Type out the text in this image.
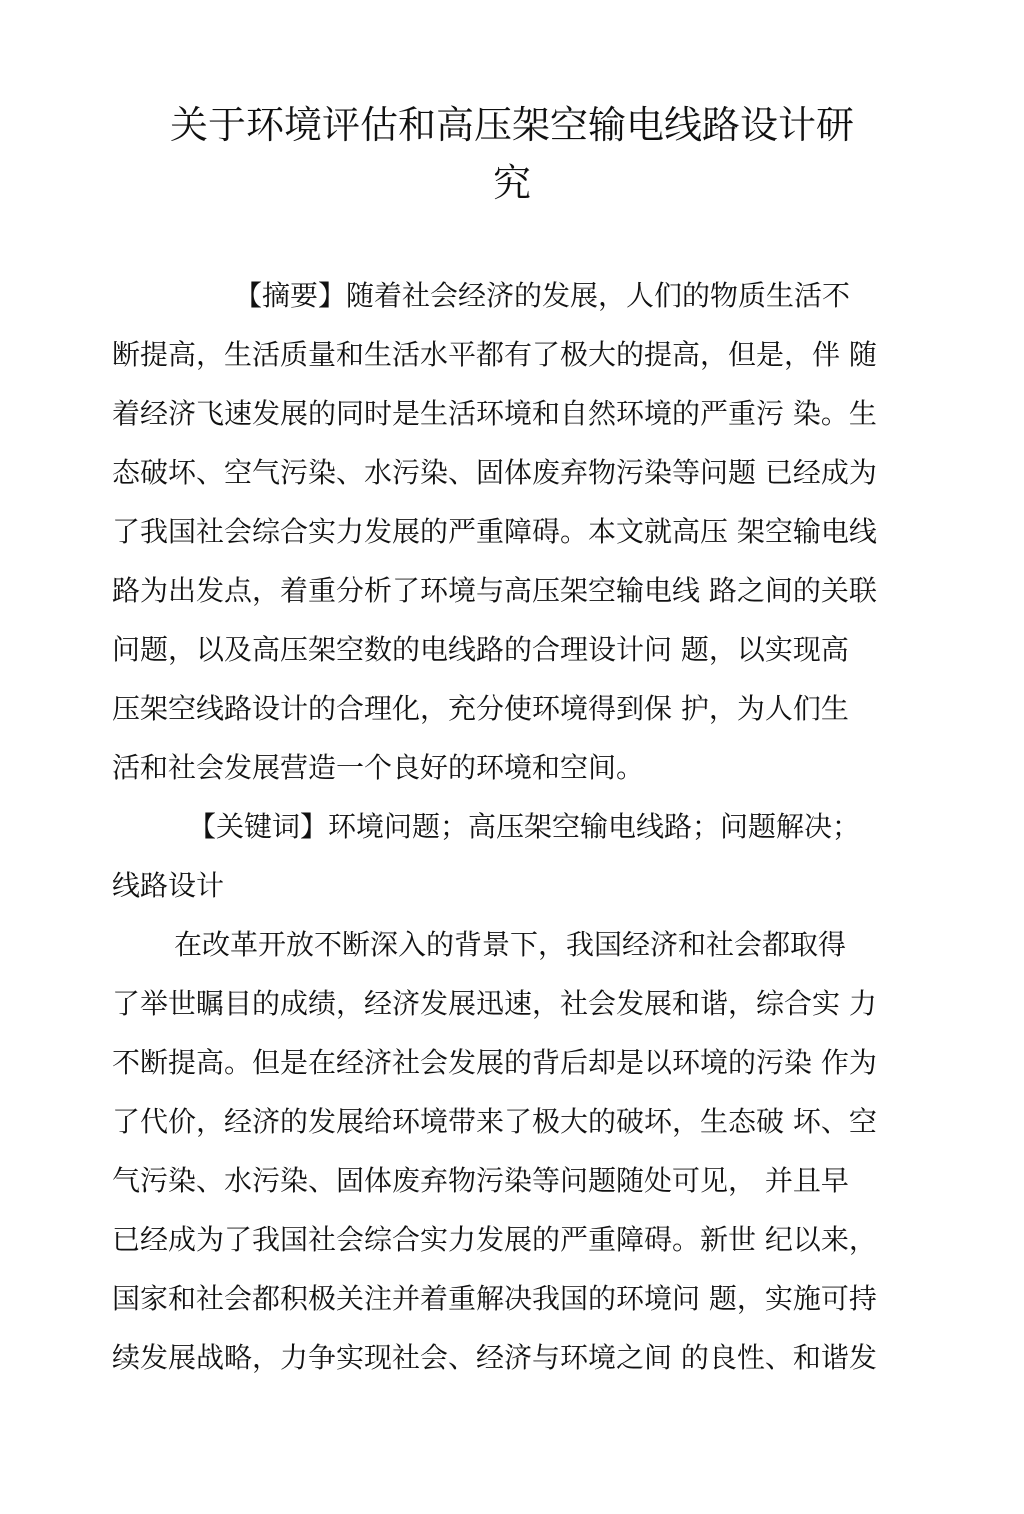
关于环境评估和高压架空输电线路设计研
究
【摘要】随着社会经济的发展，人们的物质生活不
断提高，生活质量和生活水平都有了极大的提高，但是，伴 随
着经济飞速发展的同时是生活环境和自然环境的严重污 染。生
态破坏、空气污染、水污染、固体废弃物污染等问题 已经成为
了我国社会综合实力发展的严重障碍。本文就高压 架空输电线
路为出发点，着重分析了环境与高压架空输电线 路之间的关联
问题，以及高压架空数的电线路的合理设计问 题，以实现高
压架空线路设计的合理化，充分使环境得到保 护，为人们生
活和社会发展营造一个良好的环境和空间。
【关键词】环境问题；高压架空输电线路；问题解决；
线路设计
在改革开放不断深入的背景下，我国经济和社会都取得
了举世瞩目的成绩，经济发展迅速，社会发展和谐，综合实 力
不断提高。但是在经济社会发展的背后却是以环境的污染 作为
了代价，经济的发展给环境带来了极大的破坏，生态破 坏、空
气污染、水污染、固体废弃物污染等问题随处可见， 并且早
已经成为了我国社会综合实力发展的严重障碍。新世 纪以来，
国家和社会都积极关注并着重解决我国的环境问 题，实施可持
续发展战略，力争实现社会、经济与环境之间 的良性、和谐发
